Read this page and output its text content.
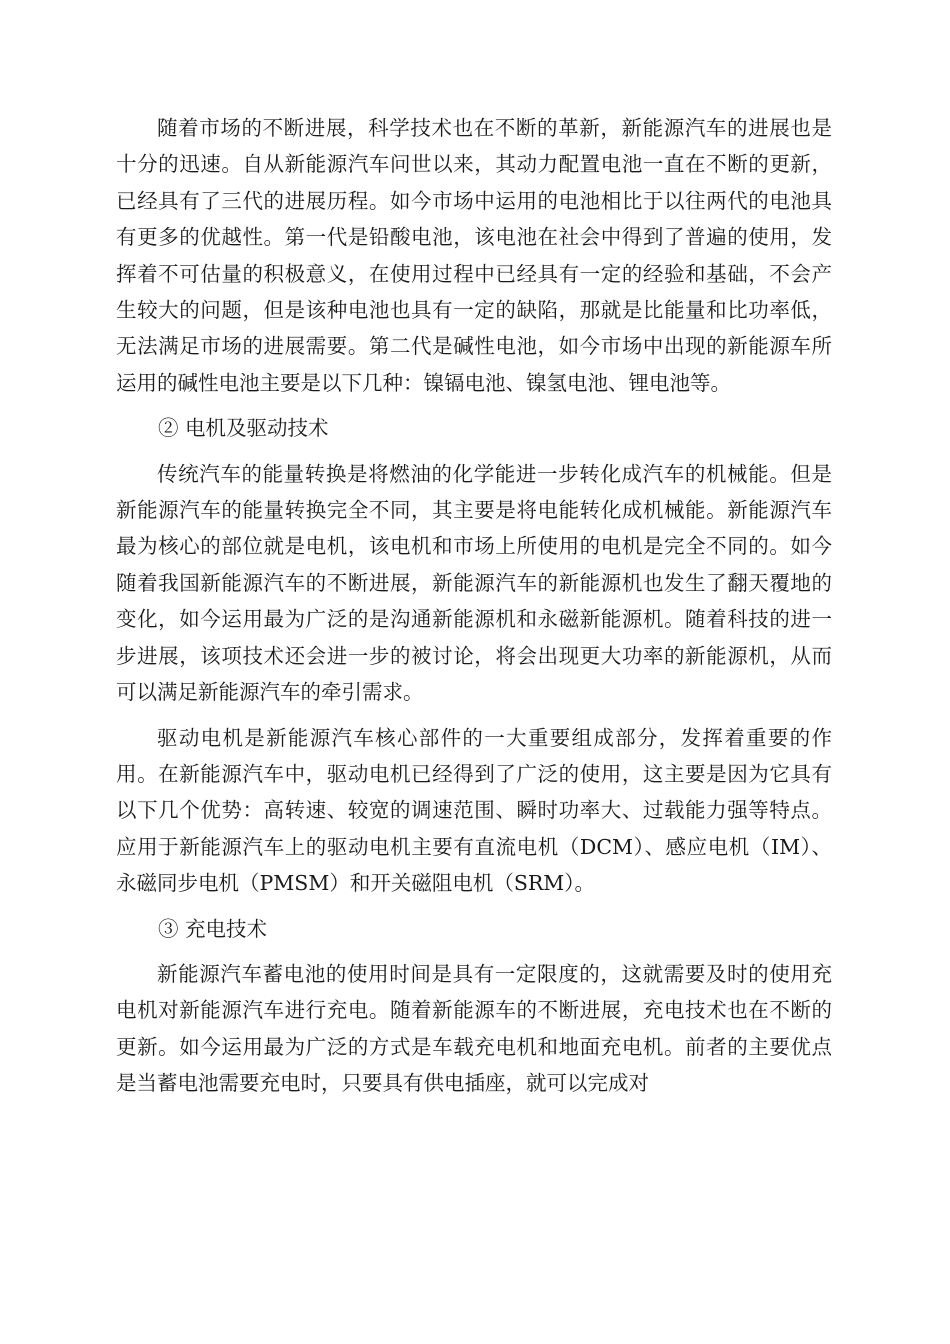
随着市场的不断进展，科学技术也在不断的革新，新能源汽车的进展也是十分的迅速。自从新能源汽车问世以来，其动力配置电池一直在不断的更新，已经具有了三代的进展历程。如今市场中运用的电池相比于以往两代的电池具有更多的优越性。第一代是铅酸电池，该电池在社会中得到了普遍的使用，发挥着不可估量的积极意义，在使用过程中已经具有一定的经验和基础，不会产生较大的问题，但是该种电池也具有一定的缺陷，那就是比能量和比功率低，无法满足市场的进展需要。第二代是碱性电池，如今市场中出现的新能源车所运用的碱性电池主要是以下几种：镍镉电池、镍氢电池、锂电池等。

② 电机及驱动技术

传统汽车的能量转换是将燃油的化学能进一步转化成汽车的机械能。但是新能源汽车的能量转换完全不同，其主要是将电能转化成机械能。新能源汽车最为核心的部位就是电机，该电机和市场上所使用的电机是完全不同的。如今随着我国新能源汽车的不断进展，新能源汽车的新能源机也发生了翻天覆地的变化，如今运用最为广泛的是沟通新能源机和永磁新能源机。随着科技的进一步进展，该项技术还会进一步的被讨论，将会出现更大功率的新能源机，从而可以满足新能源汽车的牵引需求。

驱动电机是新能源汽车核心部件的一大重要组成部分，发挥着重要的作用。在新能源汽车中，驱动电机已经得到了广泛的使用，这主要是因为它具有以下几个优势：高转速、较宽的调速范围、瞬时功率大、过载能力强等特点。应用于新能源汽车上的驱动电机主要有直流电机（DCM）、感应电机（IM）、永磁同步电机（PMSM）和开关磁阻电机（SRM）。

③ 充电技术

新能源汽车蓄电池的使用时间是具有一定限度的，这就需要及时的使用充电机对新能源汽车进行充电。随着新能源车的不断进展，充电技术也在不断的更新。如今运用最为广泛的方式是车载充电机和地面充电机。前者的主要优点是当蓄电池需要充电时，只要具有供电插座，就可以完成对
